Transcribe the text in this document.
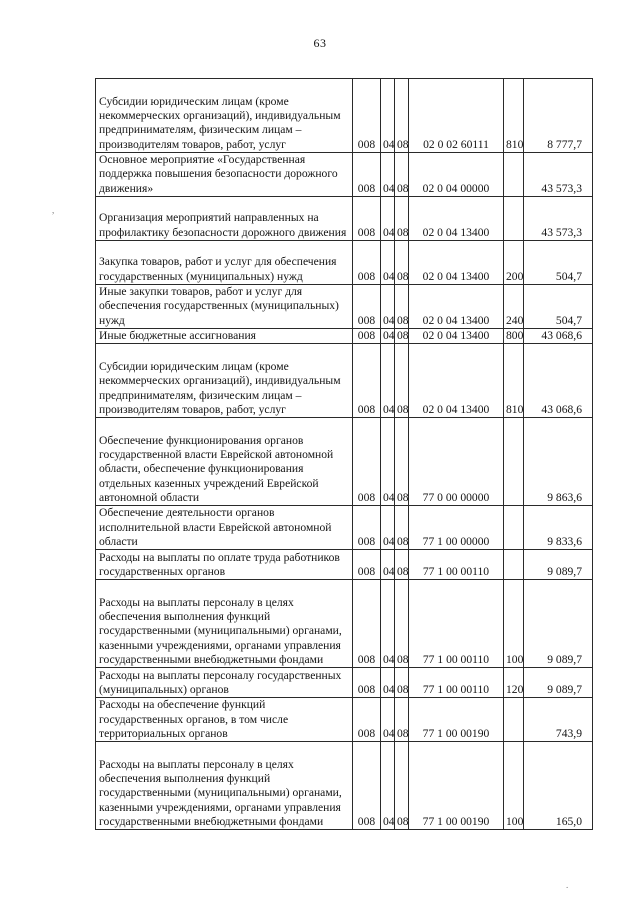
63
Субсидии юридическим лицам (кроме некоммерческих организаций), индивидуальным предпринимателям, физическим лицам – производителям товаров, работ, услуг	008	04	08	02 0 02 60111	810	8 777,7
Основное мероприятие «Государственная поддержка повышения безопасности дорожного движения»	008	04	08	02 0 04 00000		43 573,3
Организация мероприятий направленных на профилактику безопасности дорожного движения	008	04	08	02 0 04 13400		43 573,3
Закупка товаров, работ и услуг для обеспечения государственных (муниципальных) нужд	008	04	08	02 0 04 13400	200	504,7
Иные закупки товаров, работ и услуг для обеспечения государственных (муниципальных) нужд	008	04	08	02 0 04 13400	240	504,7
Иные бюджетные ассигнования	008	04	08	02 0 04 13400	800	43 068,6
Субсидии юридическим лицам (кроме некоммерческих организаций), индивидуальным предпринимателям, физическим лицам – производителям товаров, работ, услуг	008	04	08	02 0 04 13400	810	43 068,6
Обеспечение функционирования органов государственной власти Еврейской автономной области, обеспечение функционирования отдельных казенных учреждений Еврейской автономной области	008	04	08	77 0 00 00000		9 863,6
Обеспечение деятельности органов исполнительной власти Еврейской автономной области	008	04	08	77 1 00 00000		9 833,6
Расходы на выплаты по оплате труда работников государственных органов	008	04	08	77 1 00 00110		9 089,7
Расходы на выплаты персоналу в целях обеспечения выполнения функций государственными (муниципальными) органами, казенными учреждениями, органами управления государственными внебюджетными фондами	008	04	08	77 1 00 00110	100	9 089,7
Расходы на выплаты персоналу государственных (муниципальных) органов	008	04	08	77 1 00 00110	120	9 089,7
Расходы на обеспечение функций государственных органов, в том числе территориальных органов	008	04	08	77 1 00 00190		743,9
Расходы на выплаты персоналу в целях обеспечения выполнения функций государственными (муниципальными) органами, казенными учреждениями, органами управления государственными внебюджетными фондами	008	04	08	77 1 00 00190	100	165,0
,
.
